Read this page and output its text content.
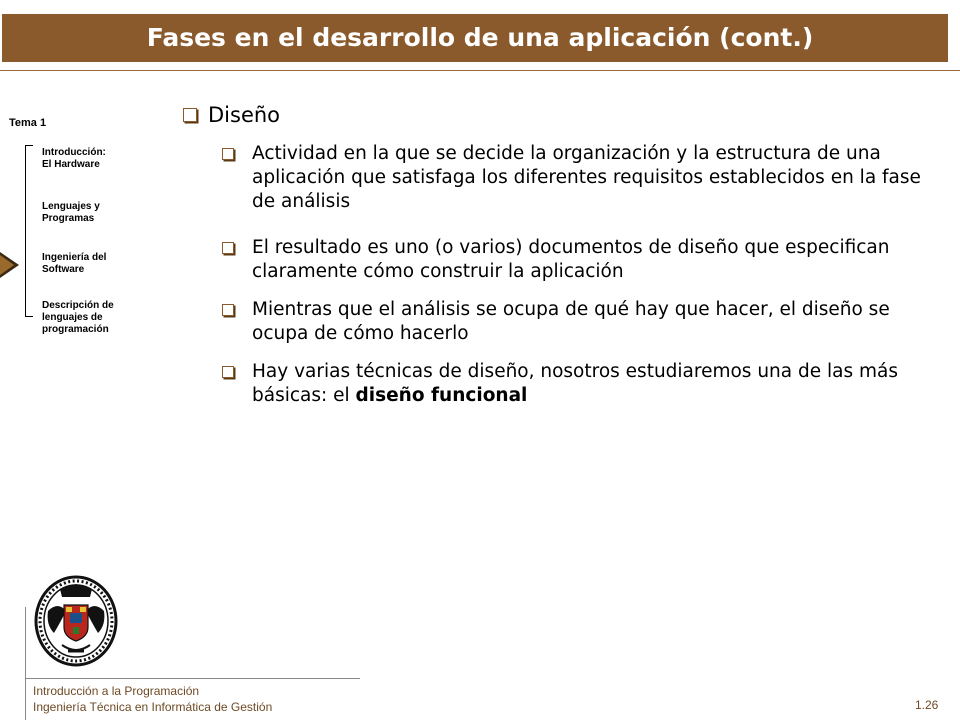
Fases en el desarrollo de una aplicación (cont.)
Tema 1
Introducción:
El Hardware
Lenguajes y
Programas
Ingeniería del
Software
Descripción de
lenguajes de
programación
Diseño
Actividad en la que se decide la organización y la estructura de una aplicación que satisfaga los diferentes requisitos establecidos en la fase de análisis
El resultado es uno (o varios) documentos de diseño que especifican claramente cómo construir la aplicación
Mientras que el análisis se ocupa de qué hay que hacer, el diseño se ocupa de cómo hacerlo
Hay varias técnicas de diseño, nosotros estudiaremos una de las más básicas: el diseño funcional
Introducción a la Programación
Ingeniería Técnica en Informática de Gestión	1.26
